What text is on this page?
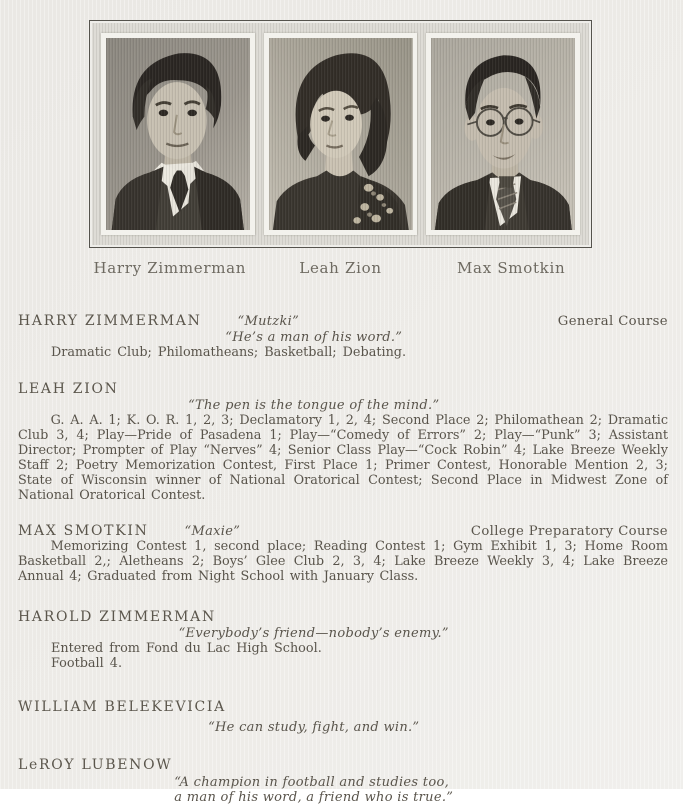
Harry Zimmerman	Leah Zion	Max Smotkin
HARRY ZIMMERMAN	“Mutzki”	General Course
“He’s a man of his word.”
Dramatic Club; Philomatheans; Basketball; Debating.
LEAH ZION
“The pen is the tongue of the mind.”

G. A. A. 1; K. O. R. 1, 2, 3; Declamatory 1, 2, 4; Second Place 2; Philomathean 2; Dramatic Club 3, 4; Play—Pride of Pasadena 1; Play—“Comedy of Errors” 2; Play—“Punk” 3; Assistant Director; Prompter of Play “Nerves” 4; Senior Class Play—“Cock Robin” 4; Lake Breeze Weekly Staff 2; Poetry Memorization Contest, First Place 1; Primer Contest, Honorable Mention 2, 3; State of Wisconsin winner of National Oratorical Contest; Second Place in Midwest Zone of National Oratorical Contest.

MAX SMOTKIN	“Maxie”	College Preparatory Course

Memorizing Contest 1, second place; Reading Contest 1; Gym Exhibit 1, 3; Home Room Basketball 2,; Aletheans 2; Boys’ Glee Club 2, 3, 4; Lake Breeze Weekly 3, 4; Lake Breeze Annual 4; Graduated from Night School with January Class.

HAROLD ZIMMERMAN
“Everybody’s friend—nobody’s enemy.”
Entered from Fond du Lac High School.
Football 4.
WILLIAM BELEKEVICIA
“He can study, fight, and win.”
LeROY LUBENOW
“A champion in football and studies too,
a man of his word, a friend who is true.”
